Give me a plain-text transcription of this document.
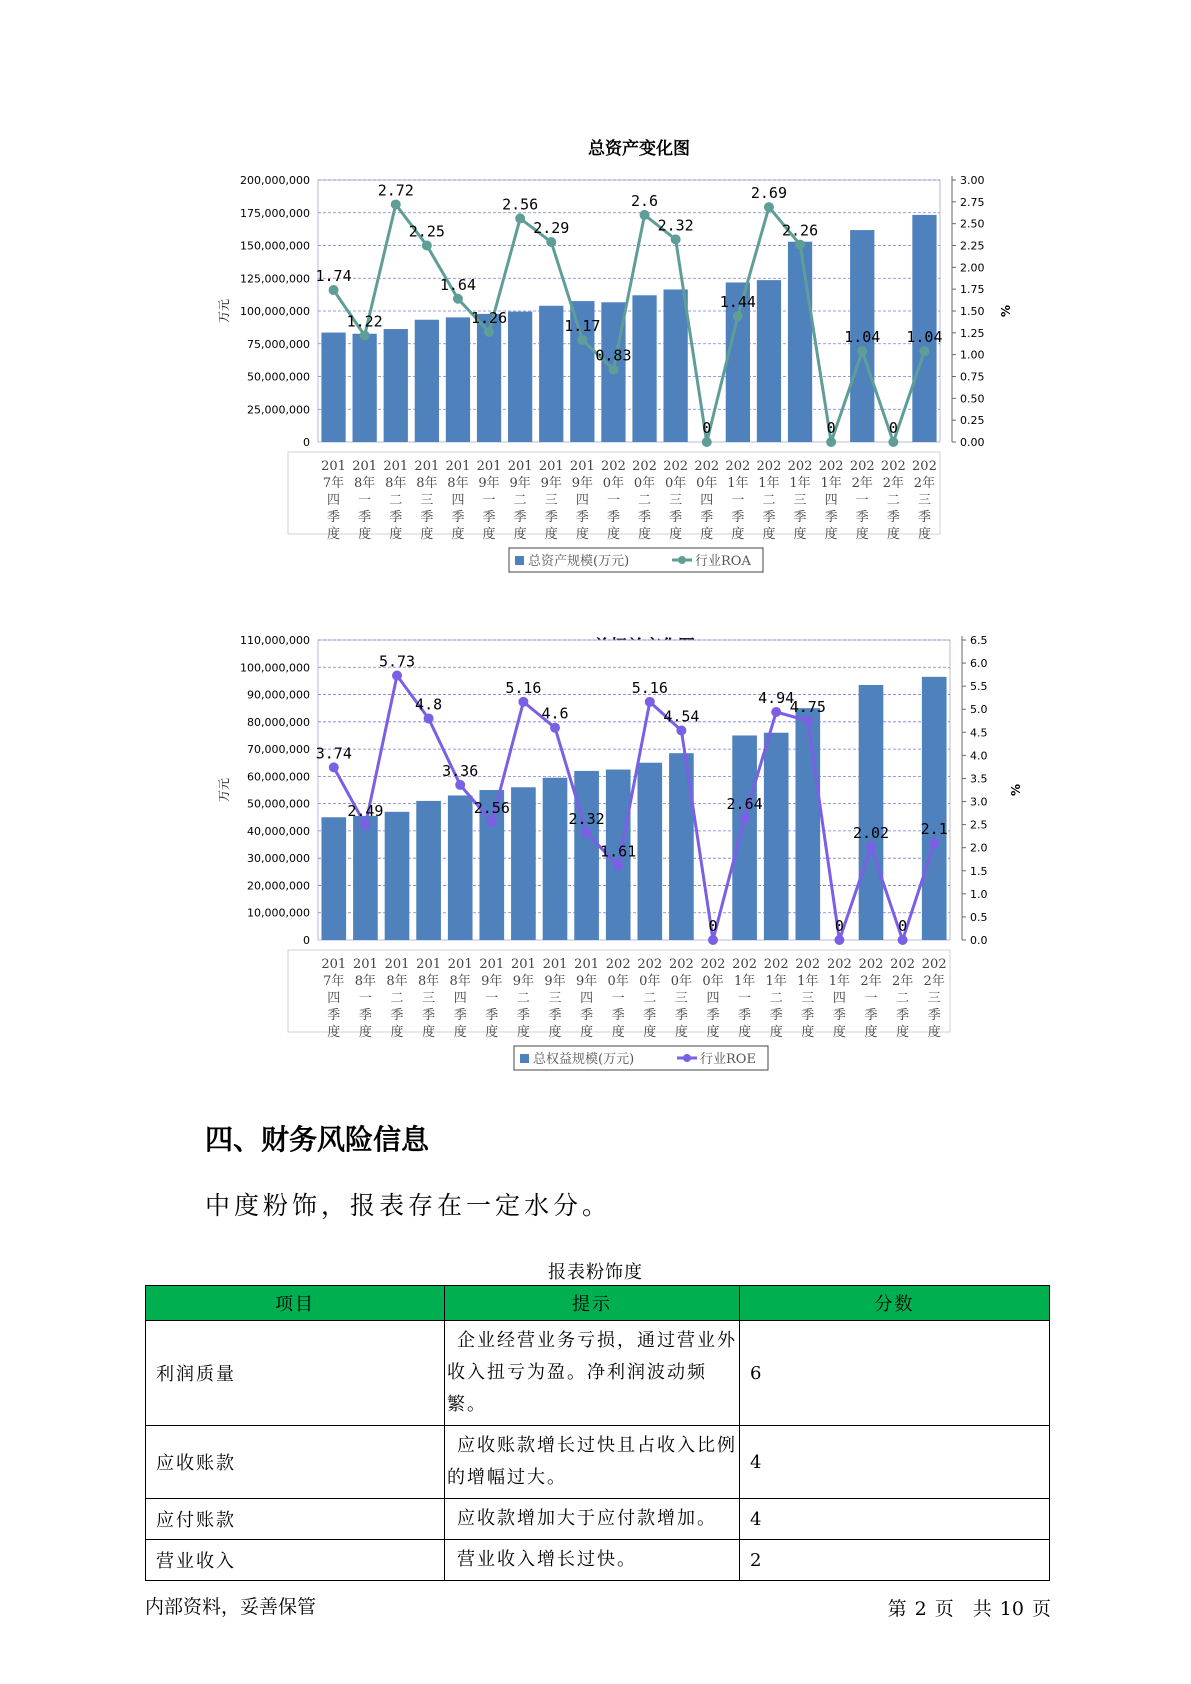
总资产变化图
0
25,000,000
50,000,000
75,000,000
100,000,000
125,000,000
150,000,000
175,000,000
200,000,000
0.00
0.25
0.50
0.75
1.00
1.25
1.50
1.75
2.00
2.25
2.50
2.75
3.00
万元	%
1.74
1.22
2.72
2.25
1.64
1.26
2.56
2.29
1.17
0.83
2.6
2.32
0
1.44
2.69
2.26
0
1.04
0
1.04
201
7年
四
季
度
201
8年
一
季
度
201
8年
二
季
度
201
8年
三
季
度
201
8年
四
季
度
201
9年
一
季
度
201
9年
二
季
度
201
9年
三
季
度
201
9年
四
季
度
202
0年
一
季
度
202
0年
二
季
度
202
0年
三
季
度
202
0年
四
季
度
202
1年
一
季
度
202
1年
二
季
度
202
1年
三
季
度
202
1年
四
季
度
202
2年
一
季
度
202
2年
二
季
度
202
2年
三
季
度
总资产规模(万元)	行业ROA
0
10,000,000
20,000,000
30,000,000
40,000,000
50,000,000
60,000,000
70,000,000
80,000,000
90,000,000
100,000,000
110,000,000
0.0
0.5
1.0
1.5
2.0
2.5
3.0
3.5
4.0
4.5
5.0
5.5
6.0
6.5
万元	%
3.74
2.49
5.73
4.8
3.36
2.56
5.16
4.6
2.32
1.61
5.16
4.54
0
2.64
4.94
4.75
0
2.02
0
2.1
201
7年
四
季
度
201
8年
一
季
度
201
8年
二
季
度
201
8年
三
季
度
201
8年
四
季
度
201
9年
一
季
度
201
9年
二
季
度
201
9年
三
季
度
201
9年
四
季
度
202
0年
一
季
度
202
0年
二
季
度
202
0年
三
季
度
202
0年
四
季
度
202
1年
一
季
度
202
1年
二
季
度
202
1年
三
季
度
202
1年
四
季
度
202
2年
一
季
度
202
2年
二
季
度
202
2年
三
季
度
总权益规模(万元)	行业ROE
四、财务风险信息

中度粉饰，报表存在一定水分。

报表粉饰度
项目	提示	分数
利润质量	企业经营业务亏损，通过营业外收入扭亏为盈。净利润波动频繁。	6
应收账款	应收账款增长过快且占收入比例的增幅过大。	4
应付账款	应收款增加大于应付款增加。	4
营业收入	营业收入增长过快。	2
内部资料，妥善保管	第 2 页　共 10 页
